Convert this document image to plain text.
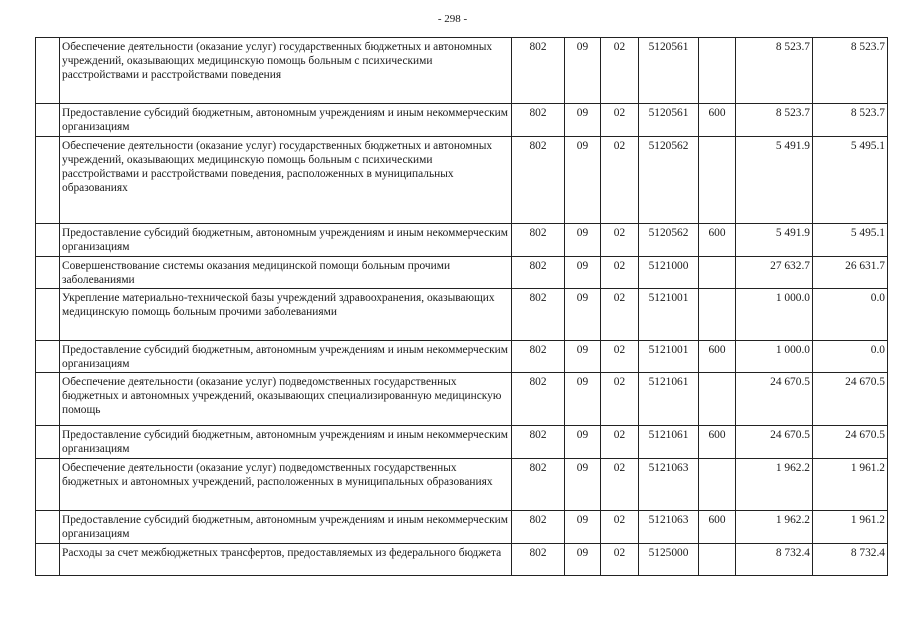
- 298 -
	Обеспечение деятельности (оказание услуг) государственных бюджетных и автономных учреждений, оказывающих медицинскую помощь больным с психическими расстройствами и расстройствами поведения	802	09	02	5120561		8 523.7	8 523.7
	Предоставление субсидий бюджетным, автономным учреждениям и иным некоммерческим организациям	802	09	02	5120561	600	8 523.7	8 523.7
	Обеспечение деятельности (оказание услуг) государственных бюджетных и автономных учреждений, оказывающих медицинскую помощь больным с психическими расстройствами и расстройствами поведения, расположенных в муниципальных образованиях	802	09	02	5120562		5 491.9	5 495.1
	Предоставление субсидий бюджетным, автономным учреждениям и иным некоммерческим организациям	802	09	02	5120562	600	5 491.9	5 495.1
	Совершенствование системы оказания медицинской помощи больным прочими заболеваниями	802	09	02	5121000		27 632.7	26 631.7
	Укрепление материально-технической базы учреждений здравоохранения, оказывающих медицинскую помощь больным прочими заболеваниями	802	09	02	5121001		1 000.0	0.0
	Предоставление субсидий бюджетным, автономным учреждениям и иным некоммерческим организациям	802	09	02	5121001	600	1 000.0	0.0
	Обеспечение деятельности (оказание услуг) подведомственных государственных бюджетных и автономных учреждений, оказывающих специализированную медицинскую помощь	802	09	02	5121061		24 670.5	24 670.5
	Предоставление субсидий бюджетным, автономным учреждениям и иным некоммерческим организациям	802	09	02	5121061	600	24 670.5	24 670.5
	Обеспечение деятельности (оказание услуг) подведомственных государственных бюджетных и автономных учреждений, расположенных в муниципальных образованиях	802	09	02	5121063		1 962.2	1 961.2
	Предоставление субсидий бюджетным, автономным учреждениям и иным некоммерческим организациям	802	09	02	5121063	600	1 962.2	1 961.2
	Расходы за счет межбюджетных трансфертов, предоставляемых из федерального бюджета	802	09	02	5125000		8 732.4	8 732.4
